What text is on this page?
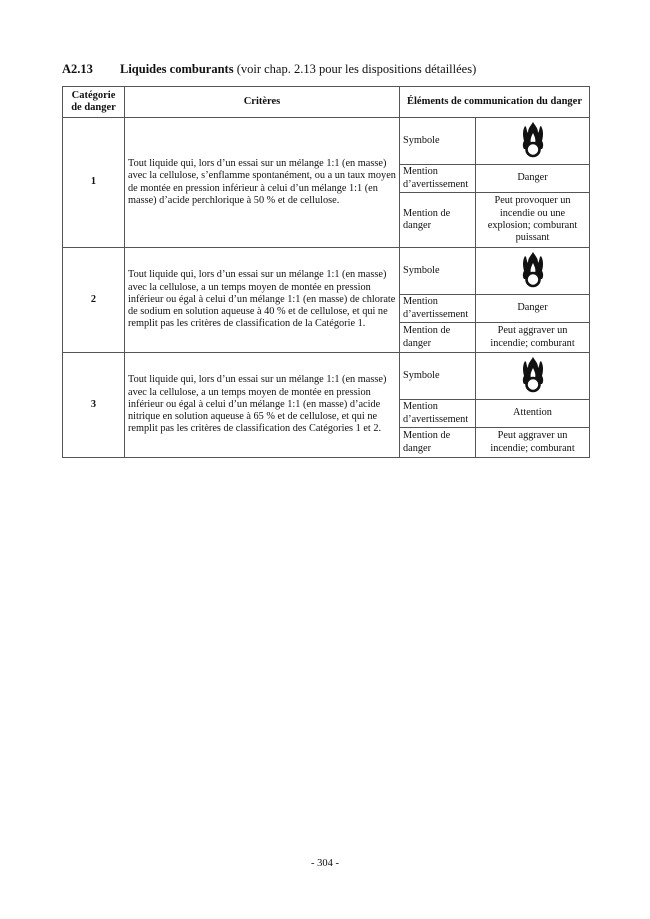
A2.13 Liquides comburants (voir chap. 2.13 pour les dispositions détaillées)
Catégorie de danger	Critères	Éléments de communication du danger	
1	Tout liquide qui, lors d’un essai sur un mélange 1:1 (en masse) avec la cellulose, s’enflamme spontanément, ou a un taux moyen de montée en pression inférieur à celui d’un mélange 1:1 (en masse) d’acide perchlorique à 50 % et de cellulose.	Symbole	
		Mention d’avertissement	Danger
		Mention de danger	Peut provoquer un incendie ou une explosion; comburant puissant
2	Tout liquide qui, lors d’un essai sur un mélange 1:1 (en masse) avec la cellulose, a un temps moyen de montée en pression inférieur ou égal à celui d’un mélange 1:1 (en masse) de chlorate de sodium en solution aqueuse à 40 % et de cellulose, et qui ne remplit pas les critères de classification de la Catégorie 1.	Symbole	
		Mention d’avertissement	Danger
		Mention de danger	Peut aggraver un incendie; comburant
3	Tout liquide qui, lors d’un essai sur un mélange 1:1 (en masse) avec la cellulose, a un temps moyen de montée en pression inférieur ou égal à celui d’un mélange 1:1 (en masse) d’acide nitrique en solution aqueuse à 65 % et de cellulose, et qui ne remplit pas les critères de classification des Catégories 1 et 2.	Symbole	
		Mention d’avertissement	Attention
		Mention de danger	Peut aggraver un incendie; comburant
- 304 -
